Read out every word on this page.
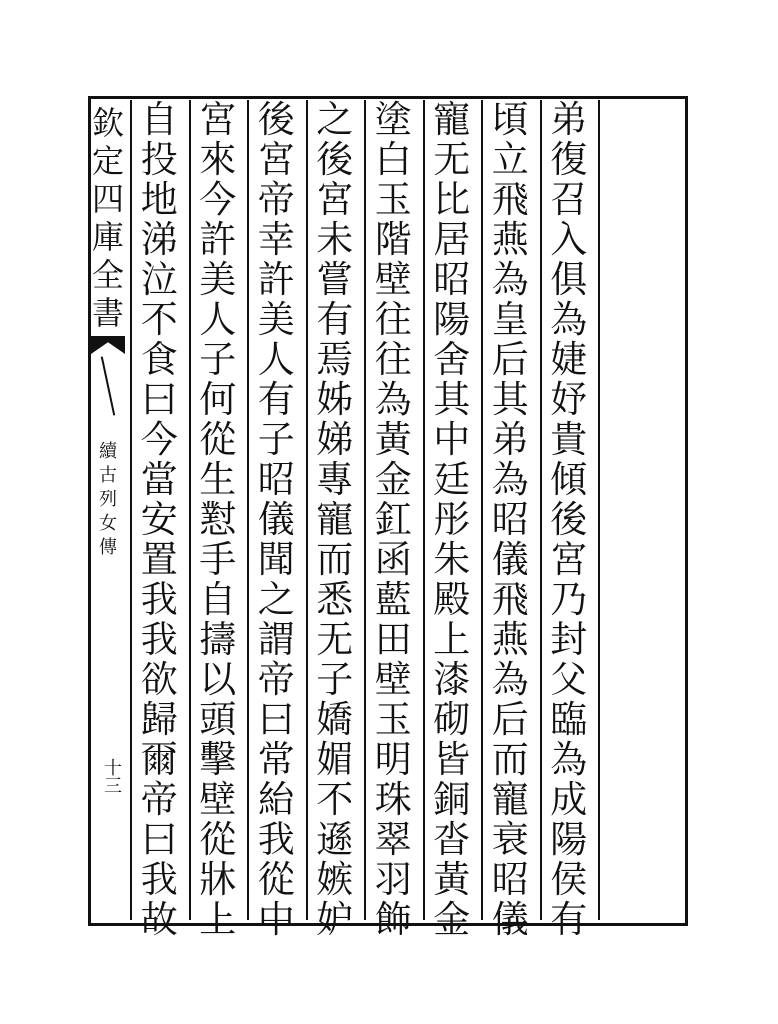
欽
定
四
庫
全
書
續
古
列
女
傳
十三
弟
復
召
入
俱
為
婕
妤
貴
傾
後
宮
乃
封
父
臨
為
成
陽
侯
有
頃
立
飛
燕
為
皇
后
其
弟
為
昭
儀
飛
燕
為
后
而
寵
衰
昭
儀
寵
无
比
居
昭
陽
舍
其
中
廷
彤
朱
殿
上
漆
砌
皆
銅
沓
黃
金
塗
白
玉
階
壁
往
往
為
黃
金
釭
函
藍
田
壁
玉
明
珠
翠
羽
飾
之
後
宮
未
嘗
有
焉
姊
娣
專
寵
而
悉
无
子
嬌
媚
不
遜
嫉
妒
後
宮
帝
幸
許
美
人
有
子
昭
儀
聞
之
謂
帝
曰
常
紿
我
從
中
宮
來
今
許
美
人
子
何
從
生
懟
手
自
擣
以
頭
擊
壁
從
牀
上
自
投
地
涕
泣
不
食
曰
今
當
安
置
我
我
欲
歸
爾
帝
曰
我
故
